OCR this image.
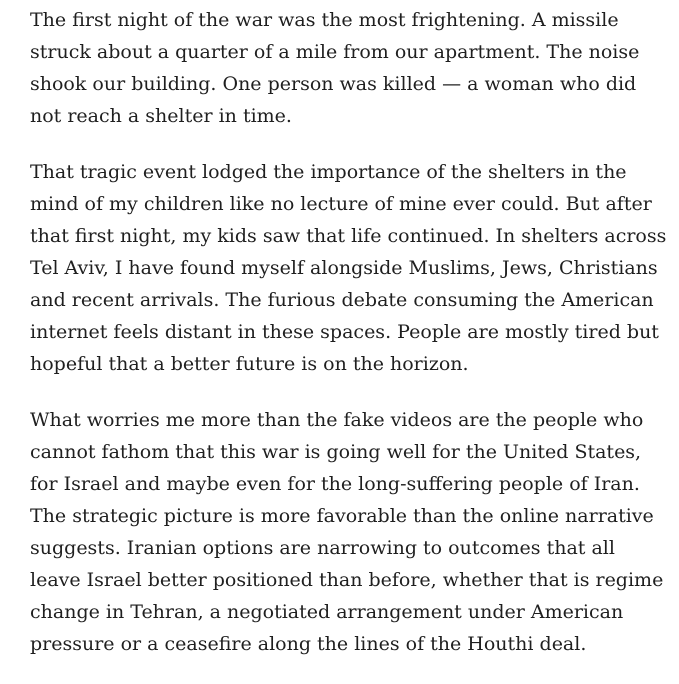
The first night of the war was the most frightening. A missile struck about a quarter of a mile from our apartment. The noise shook our building. One person was killed — a woman who did not reach a shelter in time.

That tragic event lodged the importance of the shelters in the mind of my children like no lecture of mine ever could. But after that first night, my kids saw that life continued. In shelters across Tel Aviv, I have found myself alongside Muslims, Jews, Christians and recent arrivals. The furious debate consuming the American internet feels distant in these spaces. People are mostly tired but hopeful that a better future is on the horizon.

What worries me more than the fake videos are the people who cannot fathom that this war is going well for the United States, for Israel and maybe even for the long-suffering people of Iran. The strategic picture is more favorable than the online narrative suggests. Iranian options are narrowing to outcomes that all leave Israel better positioned than before, whether that is regime change in Tehran, a negotiated arrangement under American pressure or a ceasefire along the lines of the Houthi deal.
